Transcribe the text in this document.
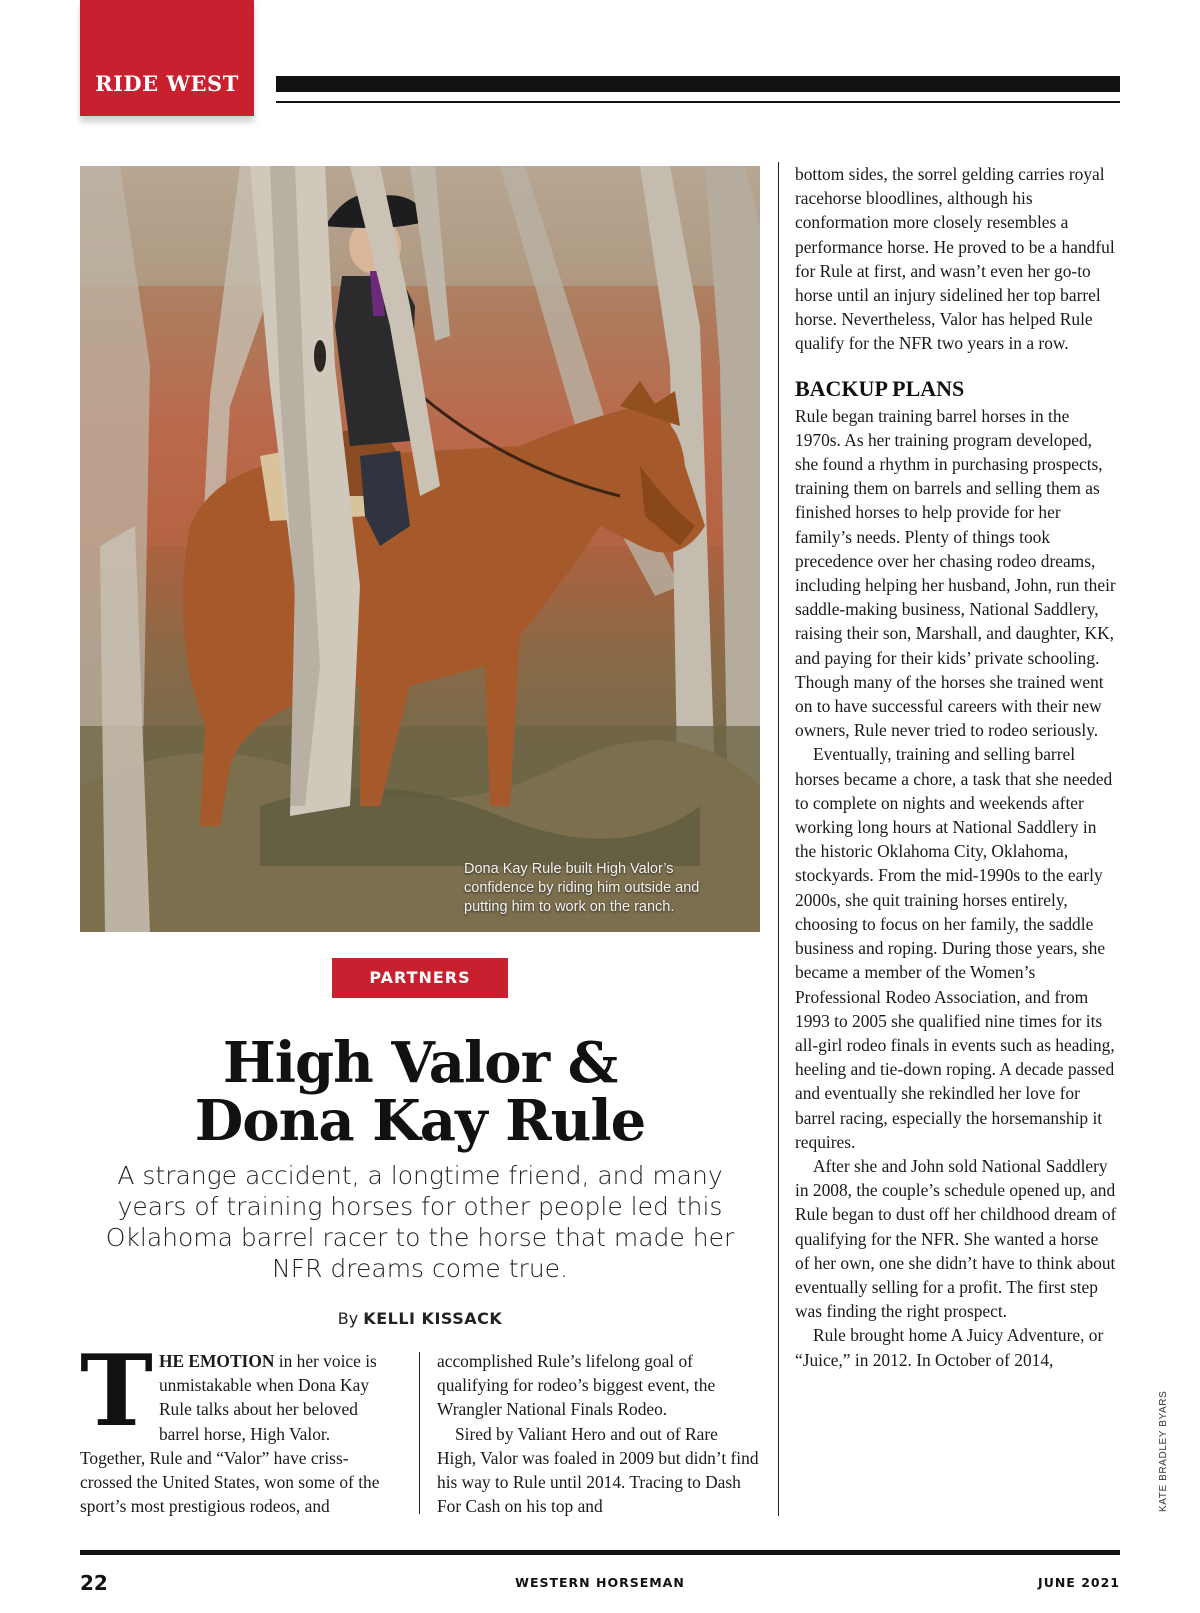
RIDE WEST
Dona Kay Rule built High Valor’s confidence by riding him outside and putting him to work on the ranch.
PARTNERS
High Valor &
Dona Kay Rule
A strange accident, a longtime friend, and many years of training horses for other people led this Oklahoma barrel racer to the horse that made her NFR dreams come true.
By KELLI KISSACK

THE EMOTION in her voice is unmistakable when Dona Kay Rule talks about her beloved barrel horse, High Valor. Together, Rule and “Valor” have criss-crossed the United States, won some of the sport’s most prestigious rodeos, and

accomplished Rule’s lifelong goal of qualifying for rodeo’s biggest event, the Wrangler National Finals Rodeo.

Sired by Valiant Hero and out of Rare High, Valor was foaled in 2009 but didn’t find his way to Rule until 2014. Tracing to Dash For Cash on his top and

bottom sides, the sorrel gelding carries royal racehorse bloodlines, although his conformation more closely resembles a performance horse. He proved to be a handful for Rule at first, and wasn’t even her go-to horse until an injury sidelined her top barrel horse. Nevertheless, Valor has helped Rule qualify for the NFR two years in a row.

BACKUP PLANS

Rule began training barrel horses in the 1970s. As her training program developed, she found a rhythm in purchasing prospects, training them on barrels and selling them as finished horses to help provide for her family’s needs. Plenty of things took precedence over her chasing rodeo dreams, including helping her husband, John, run their saddle-making business, National Saddlery, raising their son, Marshall, and daughter, KK, and paying for their kids’ private schooling. Though many of the horses she trained went on to have successful careers with their new owners, Rule never tried to rodeo seriously.

Eventually, training and selling barrel horses became a chore, a task that she needed to complete on nights and weekends after working long hours at National Saddlery in the historic Oklahoma City, Oklahoma, stockyards. From the mid-1990s to the early 2000s, she quit training horses entirely, choosing to focus on her family, the saddle business and roping. During those years, she became a member of the Women’s Professional Rodeo Association, and from 1993 to 2005 she qualified nine times for its all-girl rodeo finals in events such as heading, heeling and tie-down roping. A decade passed and eventually she rekindled her love for barrel racing, especially the horsemanship it requires.

After she and John sold National Saddlery in 2008, the couple’s schedule opened up, and Rule began to dust off her childhood dream of qualifying for the NFR. She wanted a horse of her own, one she didn’t have to think about eventually selling for a profit. The first step was finding the right prospect.

Rule brought home A Juicy Adventure, or “Juice,” in 2012. In October of 2014,

KATE BRADLEY BYARS
22	WESTERN HORSEMAN	JUNE 2021
